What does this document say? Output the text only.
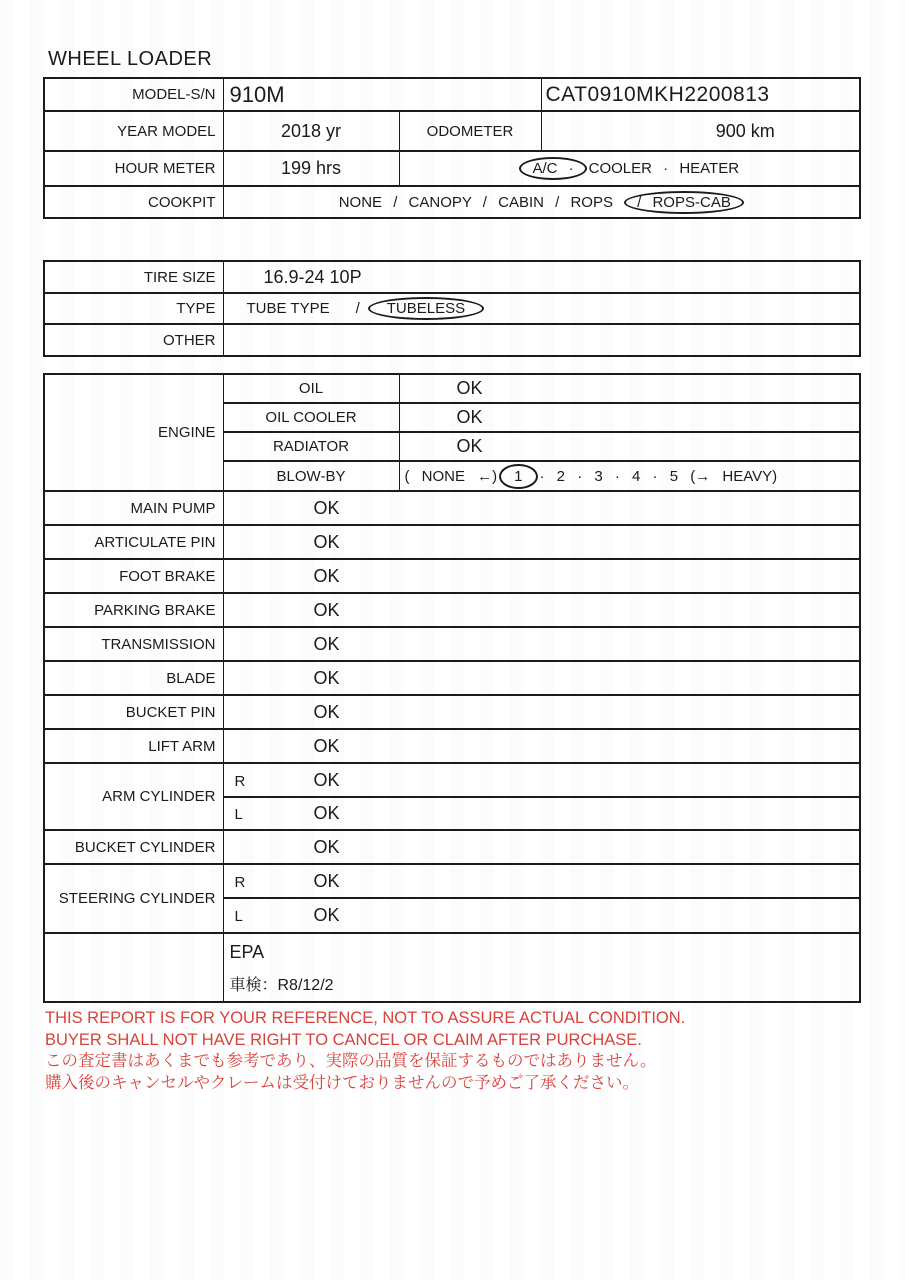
WHEEL LOADER
MODEL-S/N	910M		CAT0910MKH2200813
YEAR MODEL	2018 yr	ODOMETER	900 km
HOUR METER	199 hrs	A/C · COOLER · HEATER	
COOKPIT	NONE / CANOPY / CABIN / ROPS / ROPS-CAB		
TIRE SIZE	16.9-24 10P
TYPE	TUBE TYPE / TUBELESS
OTHER	
ENGINE	OIL	OK
	OIL COOLER	OK
	RADIATOR	OK
	BLOW-BY	( NONE ←) 1 · 2 · 3 · 4 · 5 (→ HEAVY)
MAIN PUMP	OK	
ARTICULATE PIN	OK	
FOOT BRAKE	OK	
PARKING BRAKE	OK	
TRANSMISSION	OK	
BLADE	OK	
BUCKET PIN	OK	
LIFT ARM	OK	
ARM CYLINDER	R OK	
	L OK	
BUCKET CYLINDER	OK	
STEERING CYLINDER	R OK	
	L OK	

	EPA
車検：R8/12/2	
THIS REPORT IS FOR YOUR REFERENCE, NOT TO ASSURE ACTUAL CONDITION.
BUYER SHALL NOT HAVE RIGHT TO CANCEL OR CLAIM AFTER PURCHASE.
この査定書はあくまでも参考であり、実際の品質を保証するものではありません。
購入後のキャンセルやクレームは受付けておりませんので予めご了承ください。
